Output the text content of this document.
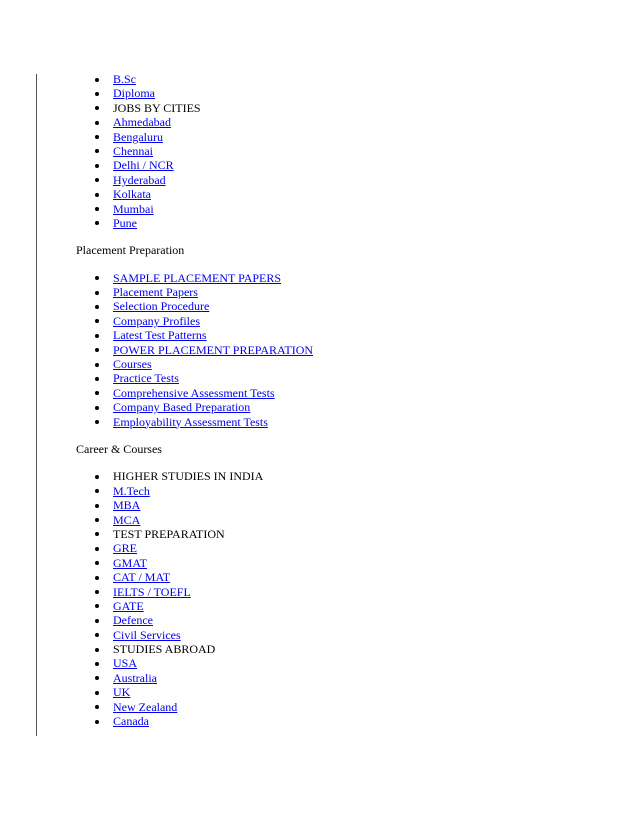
B.Sc
Diploma
JOBS BY CITIES
Ahmedabad
Bengaluru
Chennai
Delhi / NCR
Hyderabad
Kolkata
Mumbai
Pune
Placement Preparation
SAMPLE PLACEMENT PAPERS
Placement Papers
Selection Procedure
Company Profiles
Latest Test Patterns
POWER PLACEMENT PREPARATION
Courses
Practice Tests
Comprehensive Assessment Tests
Company Based Preparation
Employability Assessment Tests
Career & Courses
HIGHER STUDIES IN INDIA
M.Tech
MBA
MCA
TEST PREPARATION
GRE
GMAT
CAT / MAT
IELTS / TOEFL
GATE
Defence
Civil Services
STUDIES ABROAD
USA
Australia
UK
New Zealand
Canada
